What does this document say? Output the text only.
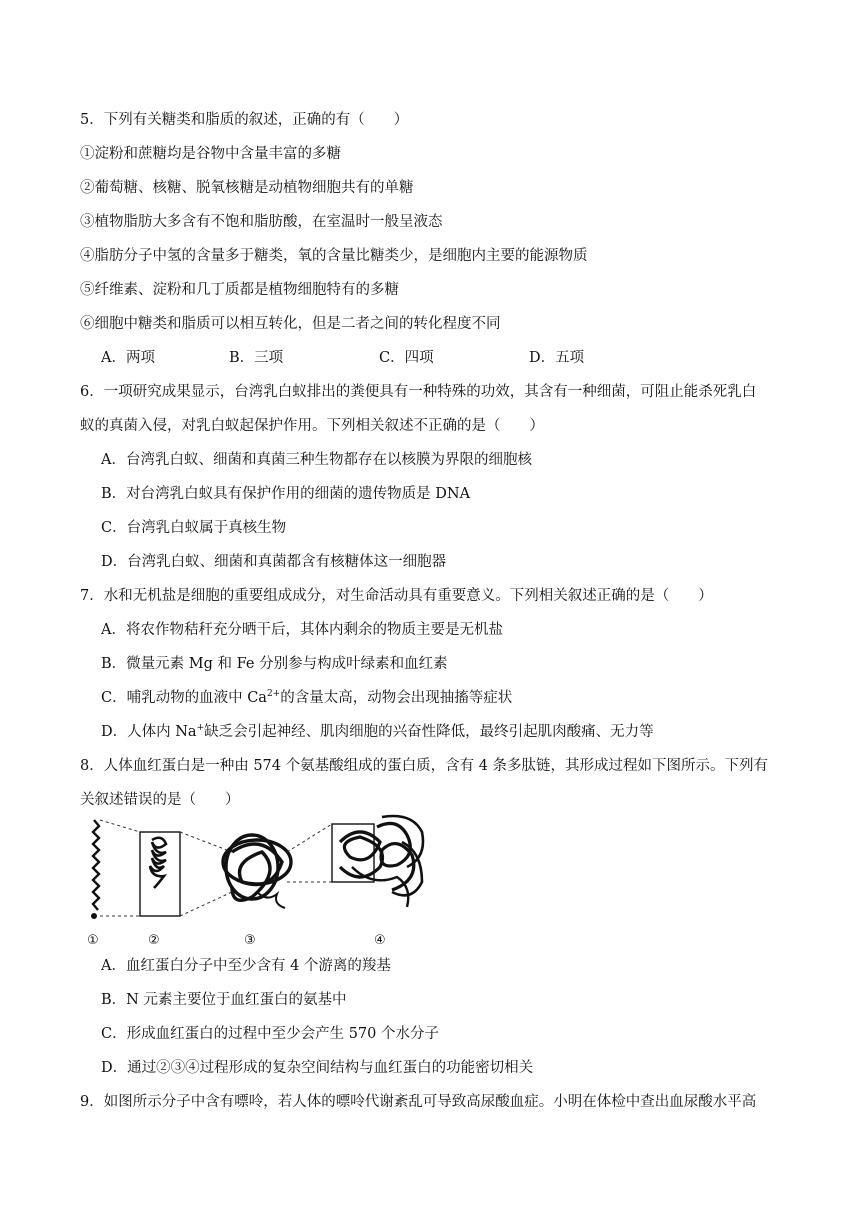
5．下列有关糖类和脂质的叙述，正确的有（　　）
①淀粉和蔗糖均是谷物中含量丰富的多糖
②葡萄糖、核糖、脱氧核糖是动植物细胞共有的单糖
③植物脂肪大多含有不饱和脂肪酸，在室温时一般呈液态
④脂肪分子中氢的含量多于糖类，氧的含量比糖类少，是细胞内主要的能源物质
⑤纤维素、淀粉和几丁质都是植物细胞特有的多糖
⑥细胞中糖类和脂质可以相互转化，但是二者之间的转化程度不同
A．两项	B．三项	C．四项	D．五项
6．一项研究成果显示，台湾乳白蚁排出的粪便具有一种特殊的功效，其含有一种细菌，可阻止能杀死乳白
蚁的真菌入侵，对乳白蚁起保护作用。下列相关叙述不正确的是（　　）
A．台湾乳白蚁、细菌和真菌三种生物都存在以核膜为界限的细胞核
B．对台湾乳白蚁具有保护作用的细菌的遗传物质是 DNA
C．台湾乳白蚁属于真核生物
D．台湾乳白蚁、细菌和真菌都含有核糖体这一细胞器
7．水和无机盐是细胞的重要组成成分，对生命活动具有重要意义。下列相关叙述正确的是（　　）
A．将农作物秸秆充分晒干后，其体内剩余的物质主要是无机盐
B．微量元素 Mg 和 Fe 分别参与构成叶绿素和血红素
C．哺乳动物的血液中 $Ca^{2+}$的含量太高，动物会出现抽搐等症状
D．人体内 Na+缺乏会引起神经、肌肉细胞的兴奋性降低，最终引起肌肉酸痛、无力等
8．人体血红蛋白是一种由 574 个氨基酸组成的蛋白质，含有 4 条多肽链，其形成过程如下图所示。下列有
关叙述错误的是（　　）
①	②	③	④
A．血红蛋白分子中至少含有 4 个游离的羧基
B．N 元素主要位于血红蛋白的氨基中
C．形成血红蛋白的过程中至少会产生 570 个水分子
D．通过②③④过程形成的复杂空间结构与血红蛋白的功能密切相关
9．如图所示分子中含有嘌呤，若人体的嘌呤代谢紊乱可导致高尿酸血症。小明在体检中查出血尿酸水平高
